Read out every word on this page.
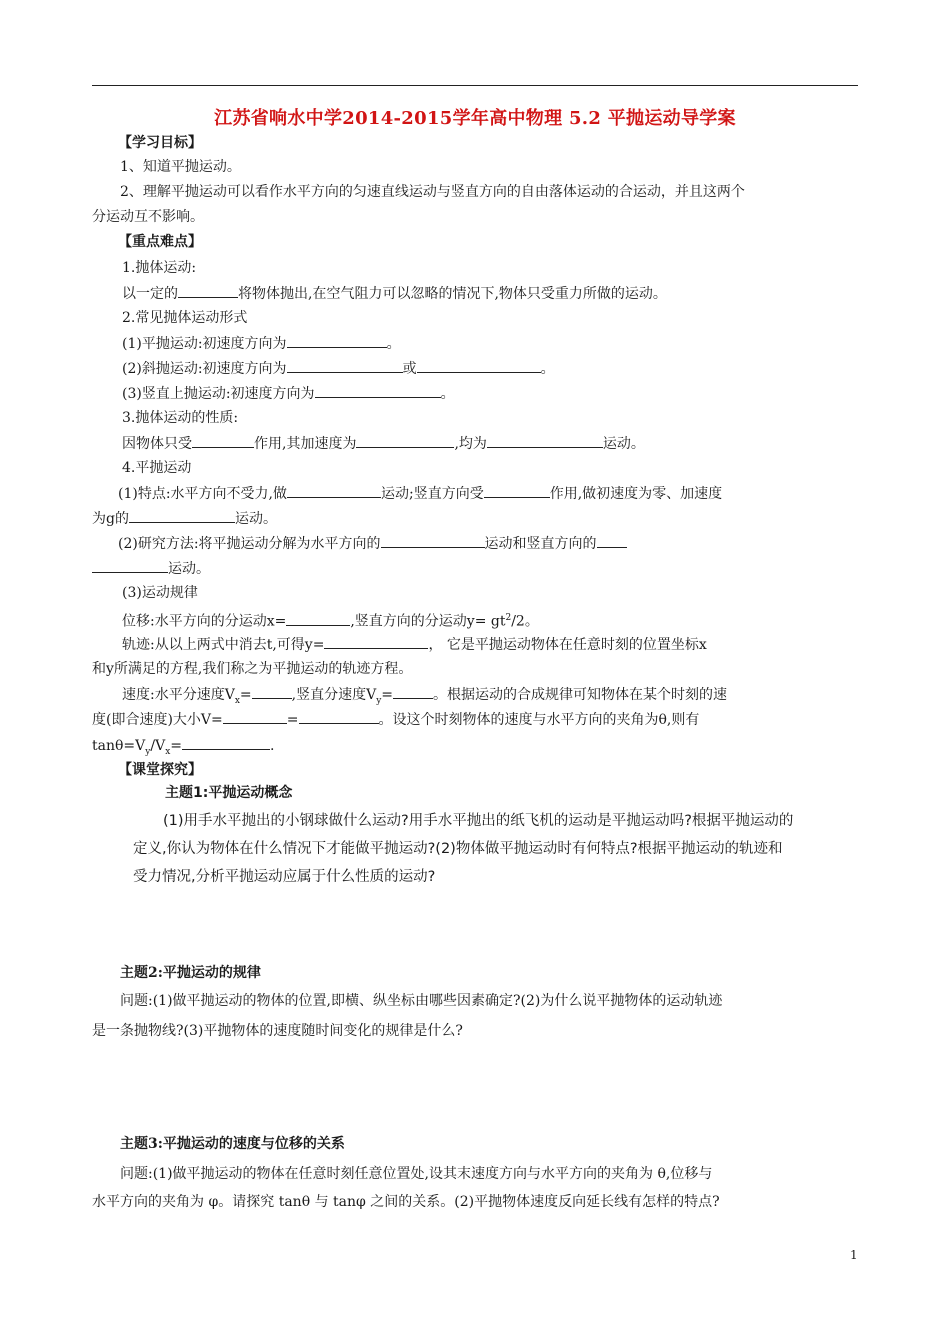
江苏省响水中学2014-2015学年高中物理 5.2 平抛运动导学案
【学习目标】
1、知道平抛运动。
2、理解平抛运动可以看作水平方向的匀速直线运动与竖直方向的自由落体运动的合运动，并且这两个
分运动互不影响。
【重点难点】
1.抛体运动:
以一定的	将物体抛出,在空气阻力可以忽略的情况下,物体只受重力所做的运动。
2.常见抛体运动形式
(1)平抛运动:初速度方向为	。
(2)斜抛运动:初速度方向为	或	。
(3)竖直上抛运动:初速度方向为	。
3.抛体运动的性质:
因物体只受	作用,其加速度为	,均为	运动。
4.平抛运动
(1)特点:水平方向不受力,做	运动;竖直方向受	作用,做初速度为零、加速度
为g的	运动。
(2)研究方法:将平抛运动分解为水平方向的	运动和竖直方向的
运动。
(3)运动规律
位移:水平方向的分运动x=	,竖直方向的分运动$y= gt^2/2$。
轨迹:从以上两式中消去t,可得y=	， 它是平抛运动物体在任意时刻的位置坐标x
和y所满足的方程,我们称之为平抛运动的轨迹方程。
速度:水平分速度$V_x=$	,竖直分速度$V_y=$	。根据运动的合成规律可知物体在某个时刻的速
度(即合速度)大小V=	=	。设这个时刻物体的速度与水平方向的夹角为θ,则有
$\tan\theta=V_y/V_x=$	.
【课堂探究】
主题1:平抛运动概念
(1)用手水平抛出的小钢球做什么运动?用手水平抛出的纸飞机的运动是平抛运动吗?根据平抛运动的
定义,你认为物体在什么情况下才能做平抛运动?(2)物体做平抛运动时有何特点?根据平抛运动的轨迹和
受力情况,分析平抛运动应属于什么性质的运动?
主题2:平抛运动的规律
问题:(1)做平抛运动的物体的位置,即横、纵坐标由哪些因素确定?(2)为什么说平抛物体的运动轨迹
是一条抛物线?(3)平抛物体的速度随时间变化的规律是什么?
主题3:平抛运动的速度与位移的关系
问题:(1)做平抛运动的物体在任意时刻任意位置处,设其末速度方向与水平方向的夹角为 θ,位移与
水平方向的夹角为 φ。请探究 tanθ 与 tanφ 之间的关系。(2)平抛物体速度反向延长线有怎样的特点?
1
